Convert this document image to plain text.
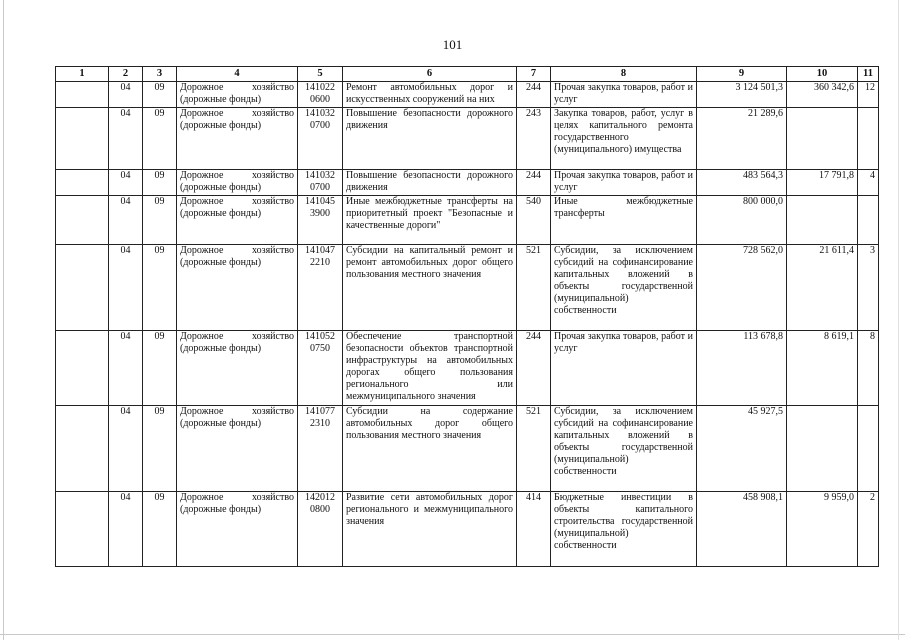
101
1	2	3	4	5	6	7	8	9	10	11
	04	09	Дорожное хозяйство (дорожные фонды)	141022 0600	Ремонт автомобильных дорог и искусственных сооружений на них	244	Прочая закупка товаров, работ и услуг	3 124 501,3	360 342,6	12
	04	09	Дорожное хозяйство (дорожные фонды)	141032 0700	Повышение безопасности дорожного движения	243	Закупка товаров, работ, услуг в целях капитального ремонта государственного (муниципального) имущества	21 289,6		
	04	09	Дорожное хозяйство (дорожные фонды)	141032 0700	Повышение безопасности дорожного движения	244	Прочая закупка товаров, работ и услуг	483 564,3	17 791,8	4
	04	09	Дорожное хозяйство (дорожные фонды)	141045 3900	Иные межбюджетные трансферты на приоритетный проект "Безопасные и качественные дороги"	540	Иные межбюджетные трансферты	800 000,0		
	04	09	Дорожное хозяйство (дорожные фонды)	141047 2210	Субсидии на капитальный ремонт и ремонт автомобильных дорог общего пользования местного значения	521	Субсидии, за исключением субсидий на софинансирование капитальных вложений в объекты государственной (муниципальной) собственности	728 562,0	21 611,4	3
	04	09	Дорожное хозяйство (дорожные фонды)	141052 0750	Обеспечение транспортной безопасности объектов транспортной инфраструктуры на автомобильных дорогах общего пользования регионального или межмуниципального значения	244	Прочая закупка товаров, работ и услуг	113 678,8	8 619,1	8
	04	09	Дорожное хозяйство (дорожные фонды)	141077 2310	Субсидии на содержание автомобильных дорог общего пользования местного значения	521	Субсидии, за исключением субсидий на софинансирование капитальных вложений в объекты государственной (муниципальной) собственности	45 927,5		
	04	09	Дорожное хозяйство (дорожные фонды)	142012 0800	Развитие сети автомобильных дорог регионального и межмуниципального значения	414	Бюджетные инвестиции в объекты капитального строительства государственной (муниципальной) собственности	458 908,1	9 959,0	2
